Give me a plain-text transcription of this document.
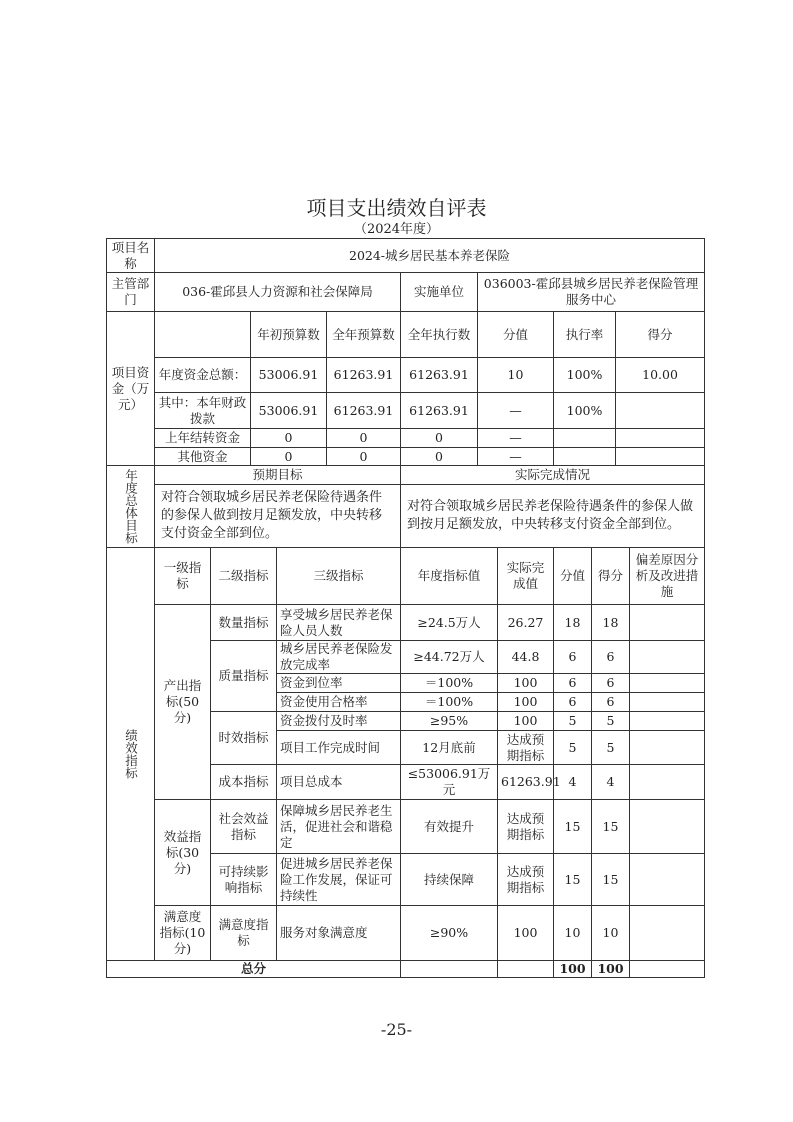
项目支出绩效自评表
（2024年度）
项目名称	2024-城乡居民基本养老保险											
主管部门	036-霍邱县人力资源和社会保障局					实施单位	036003-霍邱县城乡居民养老保险管理服务中心					
项目资金（万元）			年初预算数		全年预算数	全年执行数	分值		执行率		得分	
	年度资金总额：		53006.91		61263.91	61263.91	10		100%		10.00	
	其中：本年财政拨款		53006.91		61263.91	61263.91	—		100%			
	上年结转资金		0		0	0	—					
	其他资金		0		0	0	—					
年度总体目标	预期目标					实际完成情况						
	对符合领取城乡居民养老保险待遇条件的参保人做到按月足额发放，中央转移支付资金全部到位。					对符合领取城乡居民养老保险待遇条件的参保人做到按月足额发放，中央转移支付资金全部到位。						
绩效指标	一级指标	二级指标		三级指标		年度指标值		实际完成值	分值	得分		偏差原因分析及改进措施
	产出指标(50分)	数量指标		享受城乡居民养老保险人员人数		≥24.5万人		26.27	18	18		
		质量指标		城乡居民养老保险发放完成率		≥44.72万人		44.8	6	6		
				资金到位率		＝100%		100	6	6		
				资金使用合格率		＝100%		100	6	6		
		时效指标		资金拨付及时率		≥95%		100	5	5		
				项目工作完成时间		12月底前		达成预期指标	5	5		
		成本指标		项目总成本		≤53006.91万元		61263.91	4	4		
	效益指标(30分)	社会效益指标		保障城乡居民养老生活，促进社会和谐稳定		有效提升		达成预期指标	15	15		
		可持续影响指标		促进城乡居民养老保险工作发展，保证可持续性		持续保障		达成预期指标	15	15		
	满意度指标(10分)	满意度指标		服务对象满意度		≥90%		100	10	10		
总分									100	100		
-25-
